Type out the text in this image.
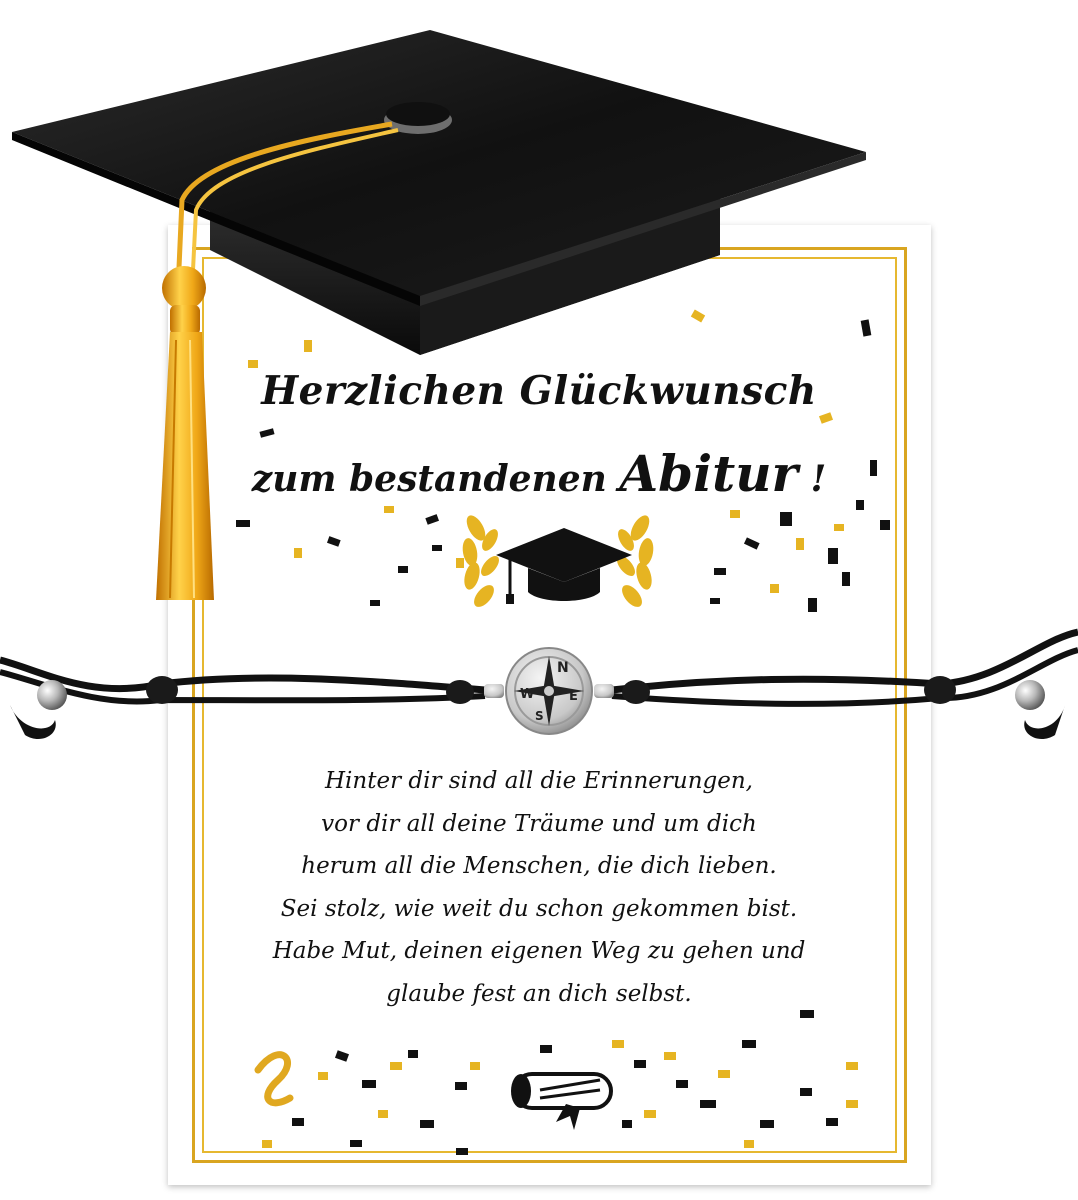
Herzlichen Glückwunsch
zum bestandenen Abitur !
Hinter dir sind all die Erinnerungen,
vor dir all deine Träume und um dich
herum all die Menschen, die dich lieben.
Sei stolz, wie weit du schon gekommen bist.
Habe Mut, deinen eigenen Weg zu gehen und
glaube fest an dich selbst.
N
W	E
S
